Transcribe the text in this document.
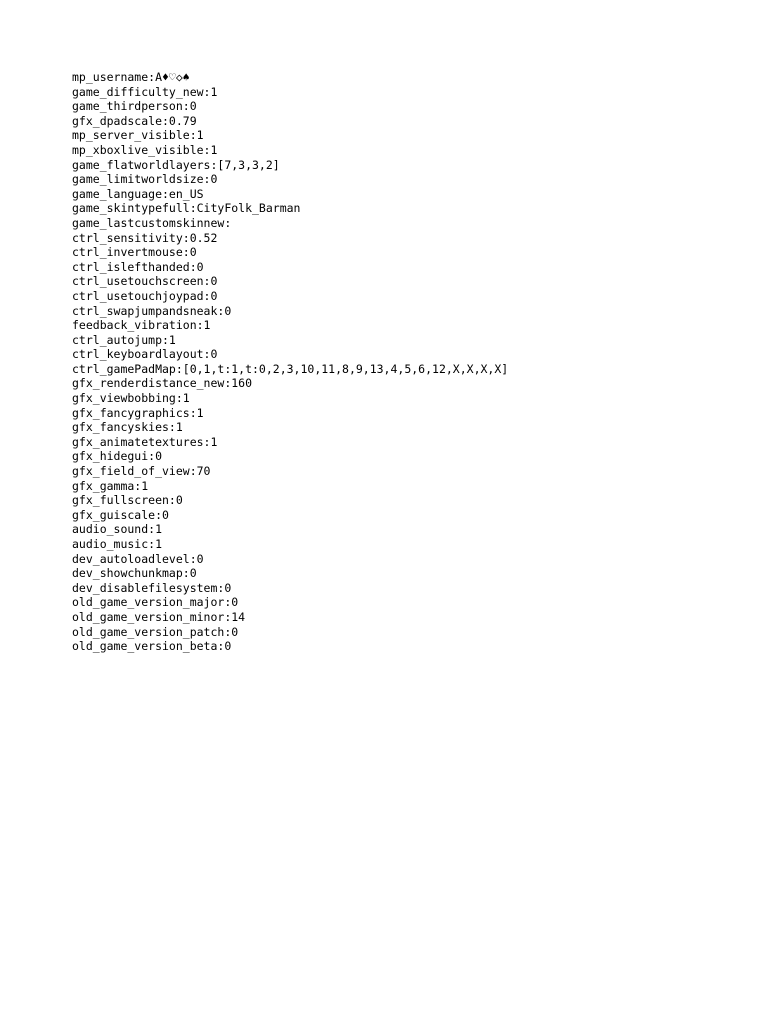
mp_username:A♦♡◇♠
game_difficulty_new:1
game_thirdperson:0
gfx_dpadscale:0.79
mp_server_visible:1
mp_xboxlive_visible:1
game_flatworldlayers:[7,3,3,2]
game_limitworldsize:0
game_language:en_US
game_skintypefull:CityFolk_Barman
game_lastcustomskinnew:
ctrl_sensitivity:0.52
ctrl_invertmouse:0
ctrl_islefthanded:0
ctrl_usetouchscreen:0
ctrl_usetouchjoypad:0
ctrl_swapjumpandsneak:0
feedback_vibration:1
ctrl_autojump:1
ctrl_keyboardlayout:0
ctrl_gamePadMap:[0,1,t:1,t:0,2,3,10,11,8,9,13,4,5,6,12,X,X,X,X]
gfx_renderdistance_new:160
gfx_viewbobbing:1
gfx_fancygraphics:1
gfx_fancyskies:1
gfx_animatetextures:1
gfx_hidegui:0
gfx_field_of_view:70
gfx_gamma:1
gfx_fullscreen:0
gfx_guiscale:0
audio_sound:1
audio_music:1
dev_autoloadlevel:0
dev_showchunkmap:0
dev_disablefilesystem:0
old_game_version_major:0
old_game_version_minor:14
old_game_version_patch:0
old_game_version_beta:0
